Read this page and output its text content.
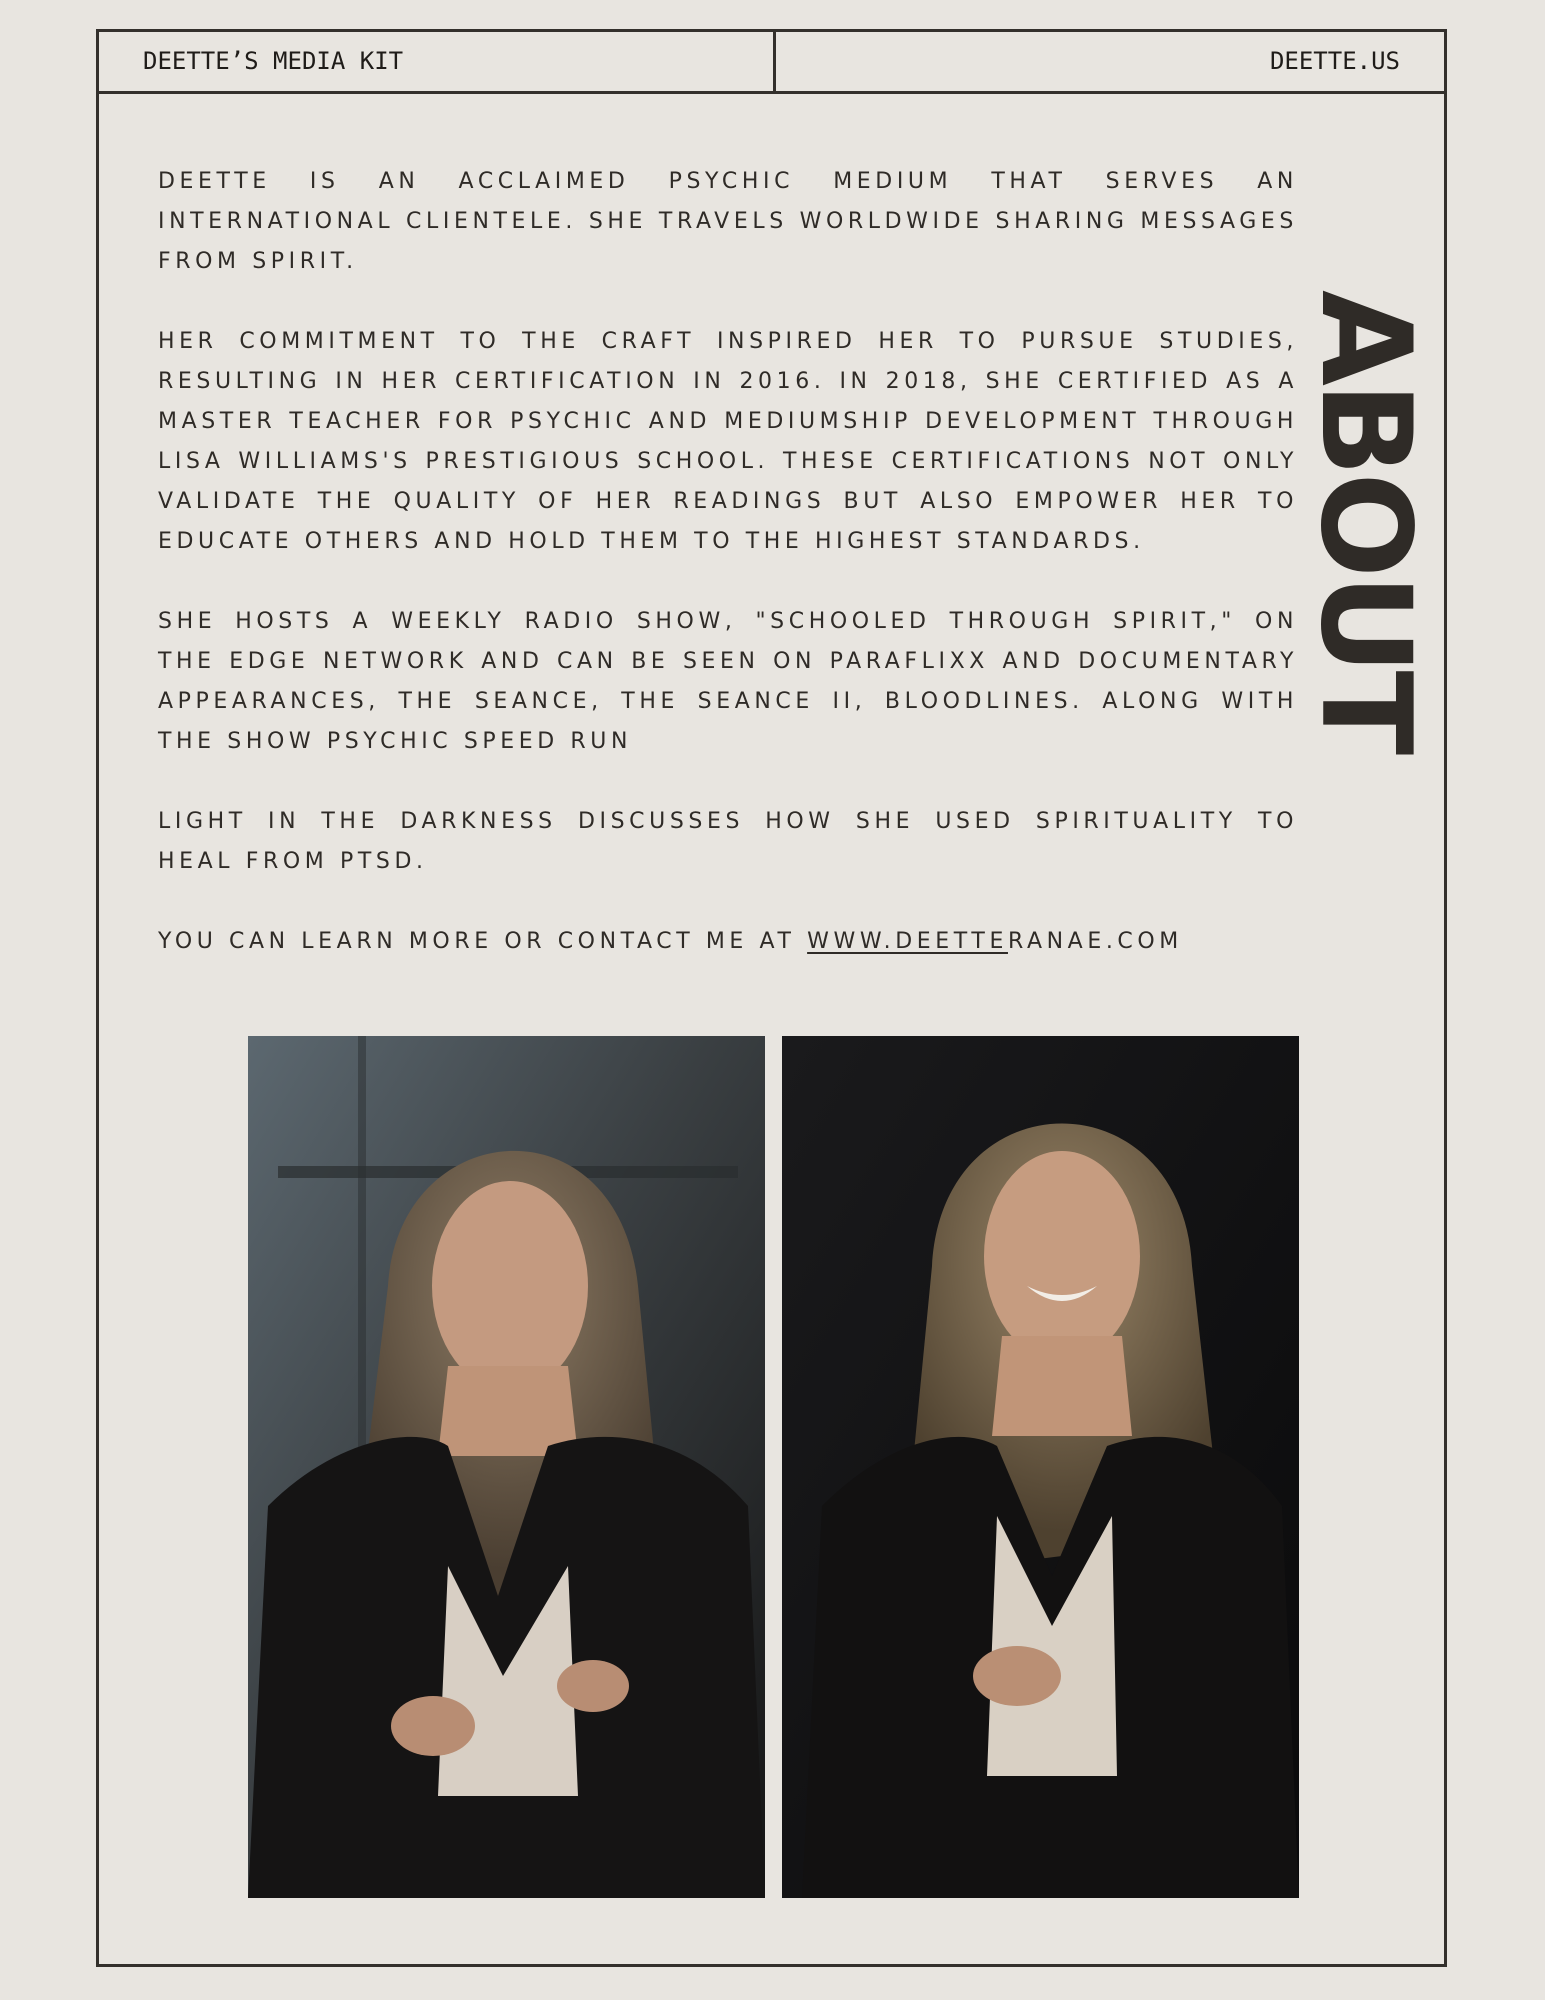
DEETTE’S MEDIA KIT	DEETTE.US
ABOUT

DEETTE IS AN ACCLAIMED PSYCHIC MEDIUM THAT SERVES AN INTERNATIONAL CLIENTELE. SHE TRAVELS WORLDWIDE SHARING MESSAGES FROM SPIRIT.

HER COMMITMENT TO THE CRAFT INSPIRED HER TO PURSUE STUDIES, RESULTING IN HER CERTIFICATION IN 2016. IN 2018, SHE CERTIFIED AS A MASTER TEACHER FOR PSYCHIC AND MEDIUMSHIP DEVELOPMENT THROUGH LISA WILLIAMS'S PRESTIGIOUS SCHOOL. THESE CERTIFICATIONS NOT ONLY VALIDATE THE QUALITY OF HER READINGS BUT ALSO EMPOWER HER TO EDUCATE OTHERS AND HOLD THEM TO THE HIGHEST STANDARDS.

SHE HOSTS A WEEKLY RADIO SHOW, "SCHOOLED THROUGH SPIRIT," ON THE EDGE NETWORK AND CAN BE SEEN ON PARAFLIXX AND DOCUMENTARY APPEARANCES, THE SEANCE, THE SEANCE II, BLOODLINES. ALONG WITH THE SHOW PSYCHIC SPEED RUN

LIGHT IN THE DARKNESS DISCUSSES HOW SHE USED SPIRITUALITY TO HEAL FROM PTSD.

YOU CAN LEARN MORE OR CONTACT ME AT WWW.DEETTERANAE.COM
